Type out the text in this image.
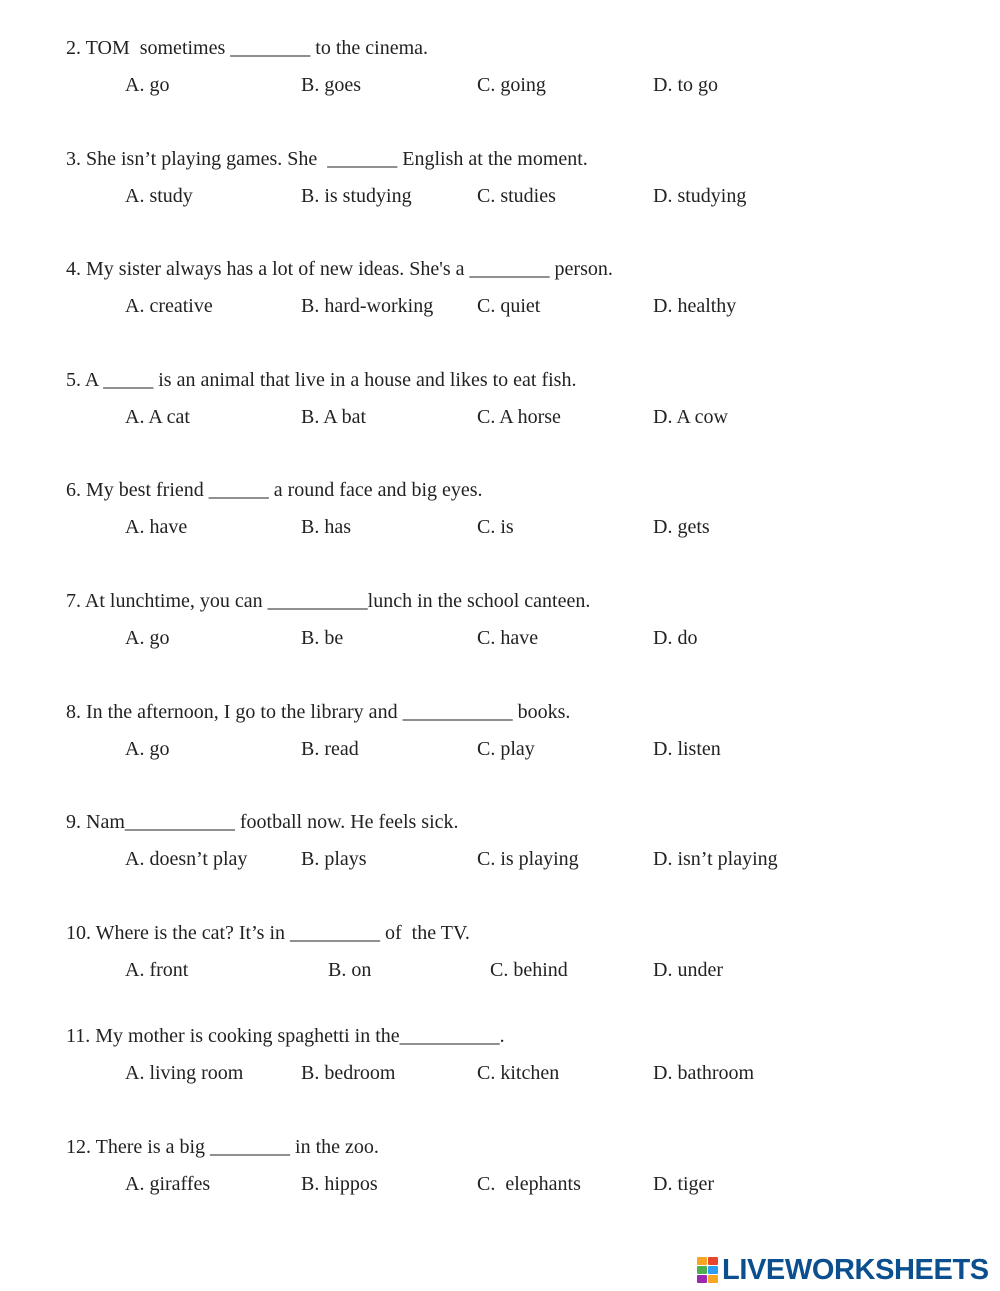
2. TOM  sometimes ________ to the cinema.
A. go	B. goes	C. going	D. to go
3. She isn’t playing games. She  _______ English at the moment.
A. study	B. is studying	C. studies	D. studying
4. My sister always has a lot of new ideas. She's a ________ person.
A. creative	B. hard-working C. quiet	D. healthy
5. A _____ is an animal that live in a house and likes to eat fish.
A. A cat	B. A bat	C. A horse	D. A cow
6. My best friend ______ a round face and big eyes.
A. have	B. has	C. is	D. gets
7. At lunchtime, you can __________lunch in the school canteen.
A. go	B. be	C. have	D. do
8. In the afternoon, I go to the library and ___________ books.
A. go	B. read	C. play	D. listen
9. Nam___________ football now. He feels sick.
A. doesn’t play	B. plays	C. is playing	D. isn’t playing
10. Where is the cat? It’s in _________ of  the TV.
A. front	B. on	C. behind	D. under
11. My mother is cooking spaghetti in the__________.
A. living room	B. bedroom	C. kitchen	D. bathroom
12. There is a big ________ in the zoo.
A. giraffes	B. hippos	C.  elephants	D. tiger
LIVEWORKSHEETS
